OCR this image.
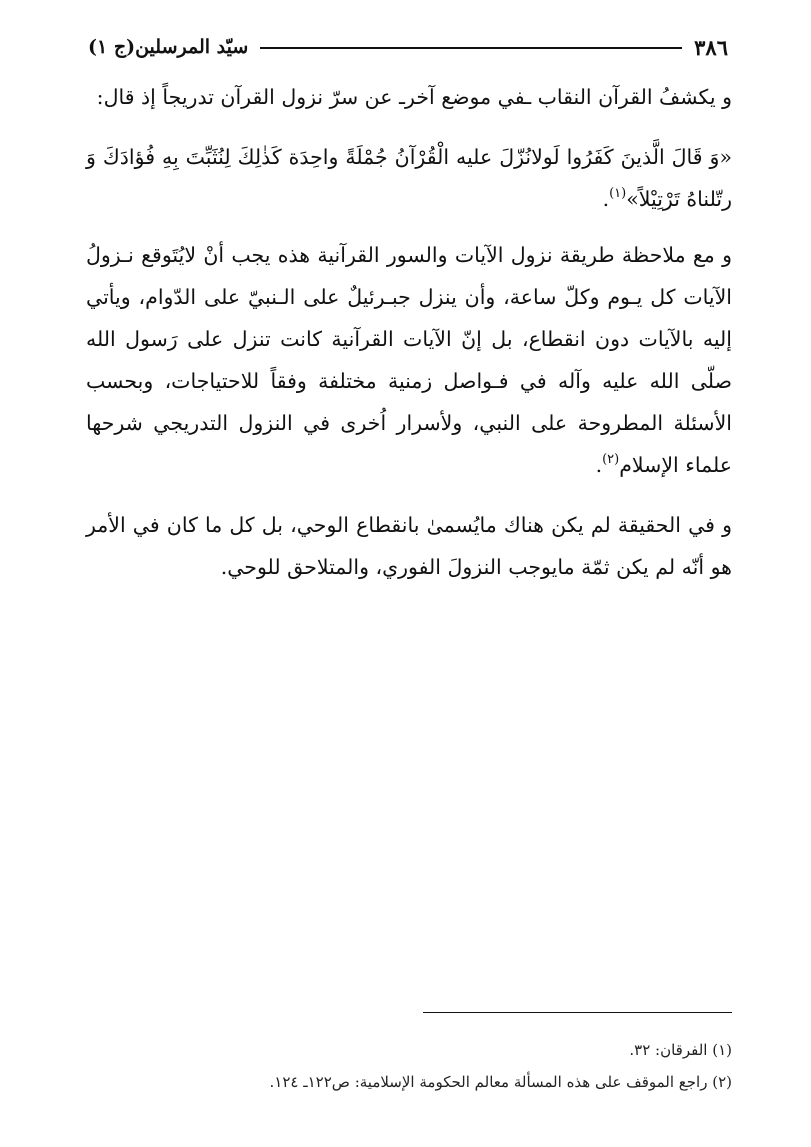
٣٨٦
سيّد المرسلين(ج ١)

و يكشفُ القرآن النقاب ـفي موضع آخرـ عن سرّ نزول القرآن تدريجاً إذ قال:

«وَ قَالَ الَّذينَ كَفَرُوا لَولانُزّلَ عليه الْقُرْآنُ جُمْلَةً واحِدَة كَذٰلِكَ لِنُثَبِّتَ بِهِ فُؤادَكَ وَ رتّلناهُ تَرْتِيْلاً»$^{(١)}$.

و مع ملاحظة طريقة نزول الآيات والسور القرآنية هذه يجب أنْ لايُتَوقع نـزولُ الآيات كل يـوم وكلّ ساعة، وأن ينزل جبـرئيلٌ على الـنبيّ على الدّوام، ويأتي إليه بالآيات دون انقطاع، بل إنّ الآيات القرآنية كانت تنزل على رَسول الله صلّى الله عليه وآله في فـواصل زمنية مختلفة وفقاً للاحتياجات، وبحسب الأسئلة المطروحة على النبي، ولأسرار اُخرى في النزول التدريجي شرحها علماء الإسلام$^{(٢)}$.

و في الحقيقة لم يكن هناك مايُسمىٰ بانقطاع الوحي، بل كل ما كان في الأمر هو أنّه لم يكن ثمّة مايوجب النزولَ الفوري، والمتلاحق للوحي.

(١) الفرقان: ٣٢.
(٢) راجع الموقف على هذه المسألة معالم الحكومة الإسلامية: ص١٢٢ـ ١٢٤.
